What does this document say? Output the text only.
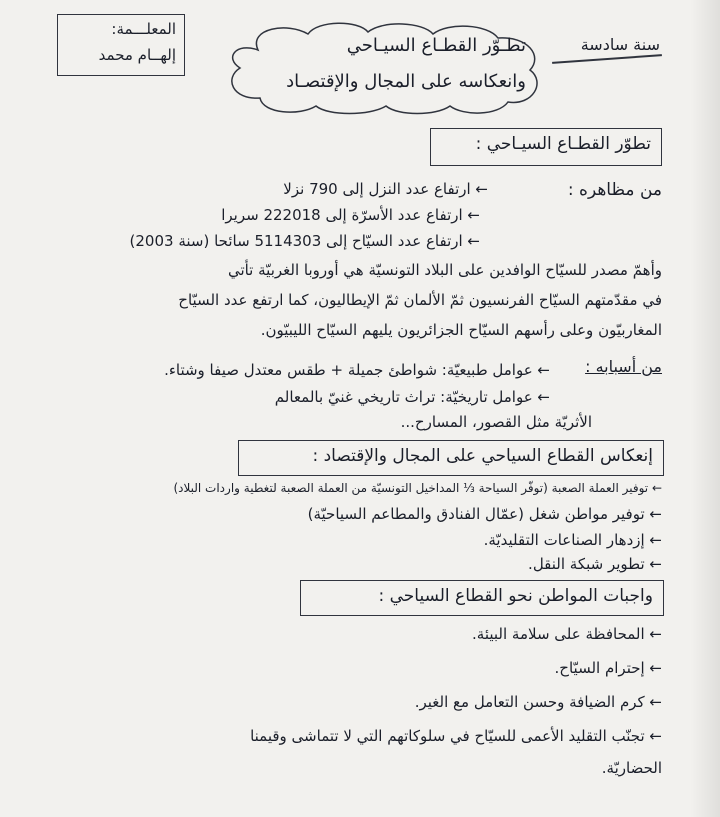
المعلـــمة:
إلهــام محمد	تطـوّر القطـاع السيـاحي
وانعكاسه على المجال والإقتصـاد
سنة سادسة
تطوّر القطـاع السيـاحي :
من مظاهره :
← ارتفاع عدد النزل إلى 790 نزلا
← ارتفاع عدد الأسرّة إلى 222018 سريرا
← ارتفاع عدد السيّاح إلى 5114303 سائحا (سنة 2003)
وأهمّ مصدر للسيّاح الوافدين على البلاد التونسيّة هي أوروبا الغربيّة تأتي
في مقدّمتهم السيّاح الفرنسيون ثمّ الألمان ثمّ الإيطاليون، كما ارتفع عدد السيّاح
المغاربيّون وعلى رأسهم السيّاح الجزائريون يليهم السيّاح الليبيّون.
من أسبابه :
← عوامل طبيعيّة: شواطئ جميلة + طقس معتدل صيفا وشتاء.
← عوامل تاريخيّة: تراث تاريخي غنيّ بالمعالم
الأثريّة مثل القصور، المسارح...
إنعكاس القطاع السياحي على المجال والإقتصاد :
← توفير العملة الصعبة (توفّر السياحة ⅓ المداخيل التونسيّة من العملة الصعبة لتغطية واردات البلاد)
← توفير مواطن شغل (عمّال الفنادق والمطاعم السياحيّة)
← إزدهار الصناعات التقليديّة.
← تطوير شبكة النقل.
واجبات المواطن نحو القطاع السياحي :
← المحافظة على سلامة البيئة.
← إحترام السيّاح.
← كرم الضيافة وحسن التعامل مع الغير.
← تجنّب التقليد الأعمى للسيّاح في سلوكاتهم التي لا تتماشى وقيمنا
الحضاريّة.
